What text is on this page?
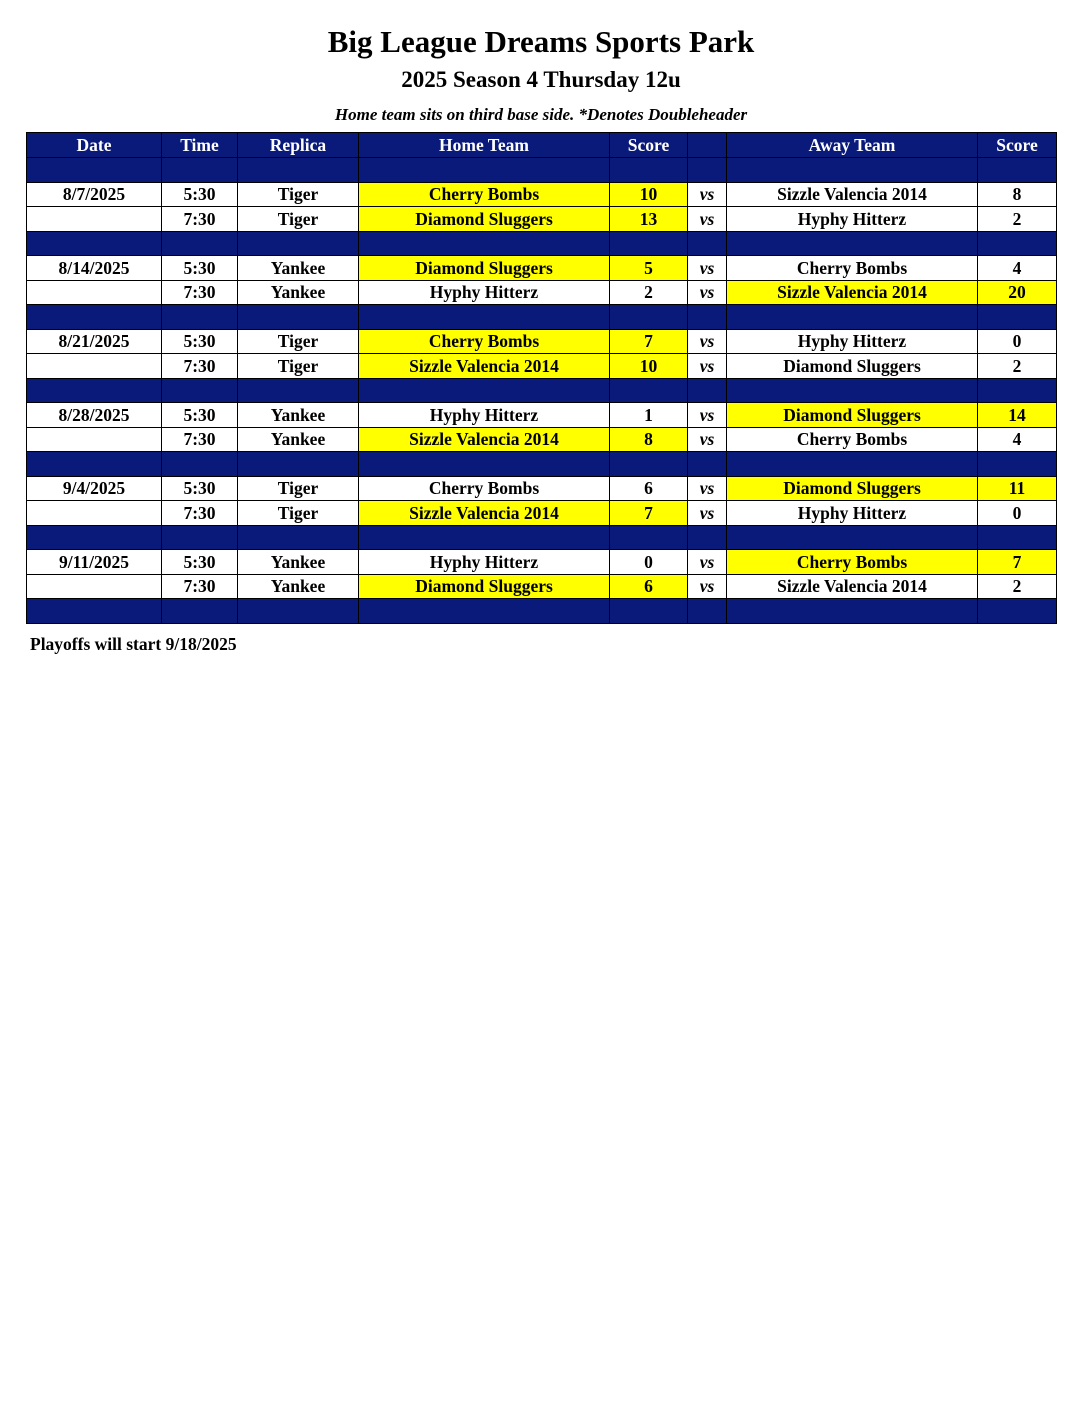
Big League Dreams Sports Park
2025 Season 4 Thursday 12u
Home team sits on third base side. *Denotes Doubleheader
Date	Time	Replica	Home Team	Score		Away Team	Score

8/7/2025	5:30	Tiger	Cherry Bombs	10	vs	Sizzle Valencia 2014	8
	7:30	Tiger	Diamond Sluggers	13	vs	Hyphy Hitterz	2

8/14/2025	5:30	Yankee	Diamond Sluggers	5	vs	Cherry Bombs	4
	7:30	Yankee	Hyphy Hitterz	2	vs	Sizzle Valencia 2014	20

8/21/2025	5:30	Tiger	Cherry Bombs	7	vs	Hyphy Hitterz	0
	7:30	Tiger	Sizzle Valencia 2014	10	vs	Diamond Sluggers	2

8/28/2025	5:30	Yankee	Hyphy Hitterz	1	vs	Diamond Sluggers	14
	7:30	Yankee	Sizzle Valencia 2014	8	vs	Cherry Bombs	4

9/4/2025	5:30	Tiger	Cherry Bombs	6	vs	Diamond Sluggers	11
	7:30	Tiger	Sizzle Valencia 2014	7	vs	Hyphy Hitterz	0

9/11/2025	5:30	Yankee	Hyphy Hitterz	0	vs	Cherry Bombs	7
	7:30	Yankee	Diamond Sluggers	6	vs	Sizzle Valencia 2014	2

Playoffs will start 9/18/2025
